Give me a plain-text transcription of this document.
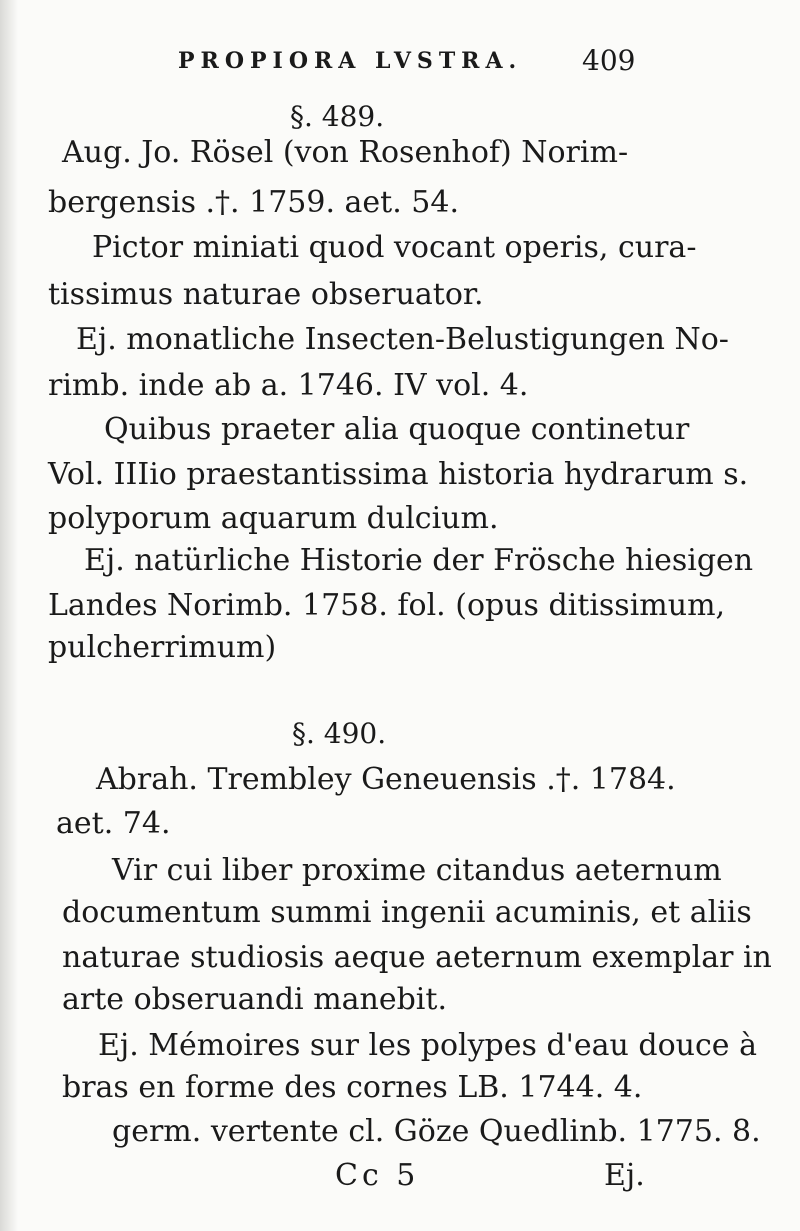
PROPIORA LVSTRA.	409
§. 489.
Aug. Jo. Rösel (von Rosenhof) Norim-
bergensis .†. 1759. aet. 54.
Pictor miniati quod vocant operis, cura-
tissimus naturae obseruator.
Ej. monatliche Insecten-Belustigungen No-
rimb. inde ab a. 1746. IV vol. 4.
Quibus praeter alia quoque continetur
Vol. IIIio praestantissima historia hydrarum s.
polyporum aquarum dulcium.
Ej. natürliche Historie der Frösche hiesigen
Landes Norimb. 1758. fol. (opus ditissimum,
pulcherrimum)
§. 490.
Abrah. Trembley Geneuensis .†. 1784.
aet. 74.
Vir cui liber proxime citandus aeternum
documentum summi ingenii acuminis, et aliis
naturae studiosis aeque aeternum exemplar in
arte obseruandi manebit.
Ej. Mémoires sur les polypes d'eau douce à
bras en forme des cornes LB. 1744. 4.
germ. vertente cl. Göze Quedlinb. 1775. 8.
Cc 5	Ej.
